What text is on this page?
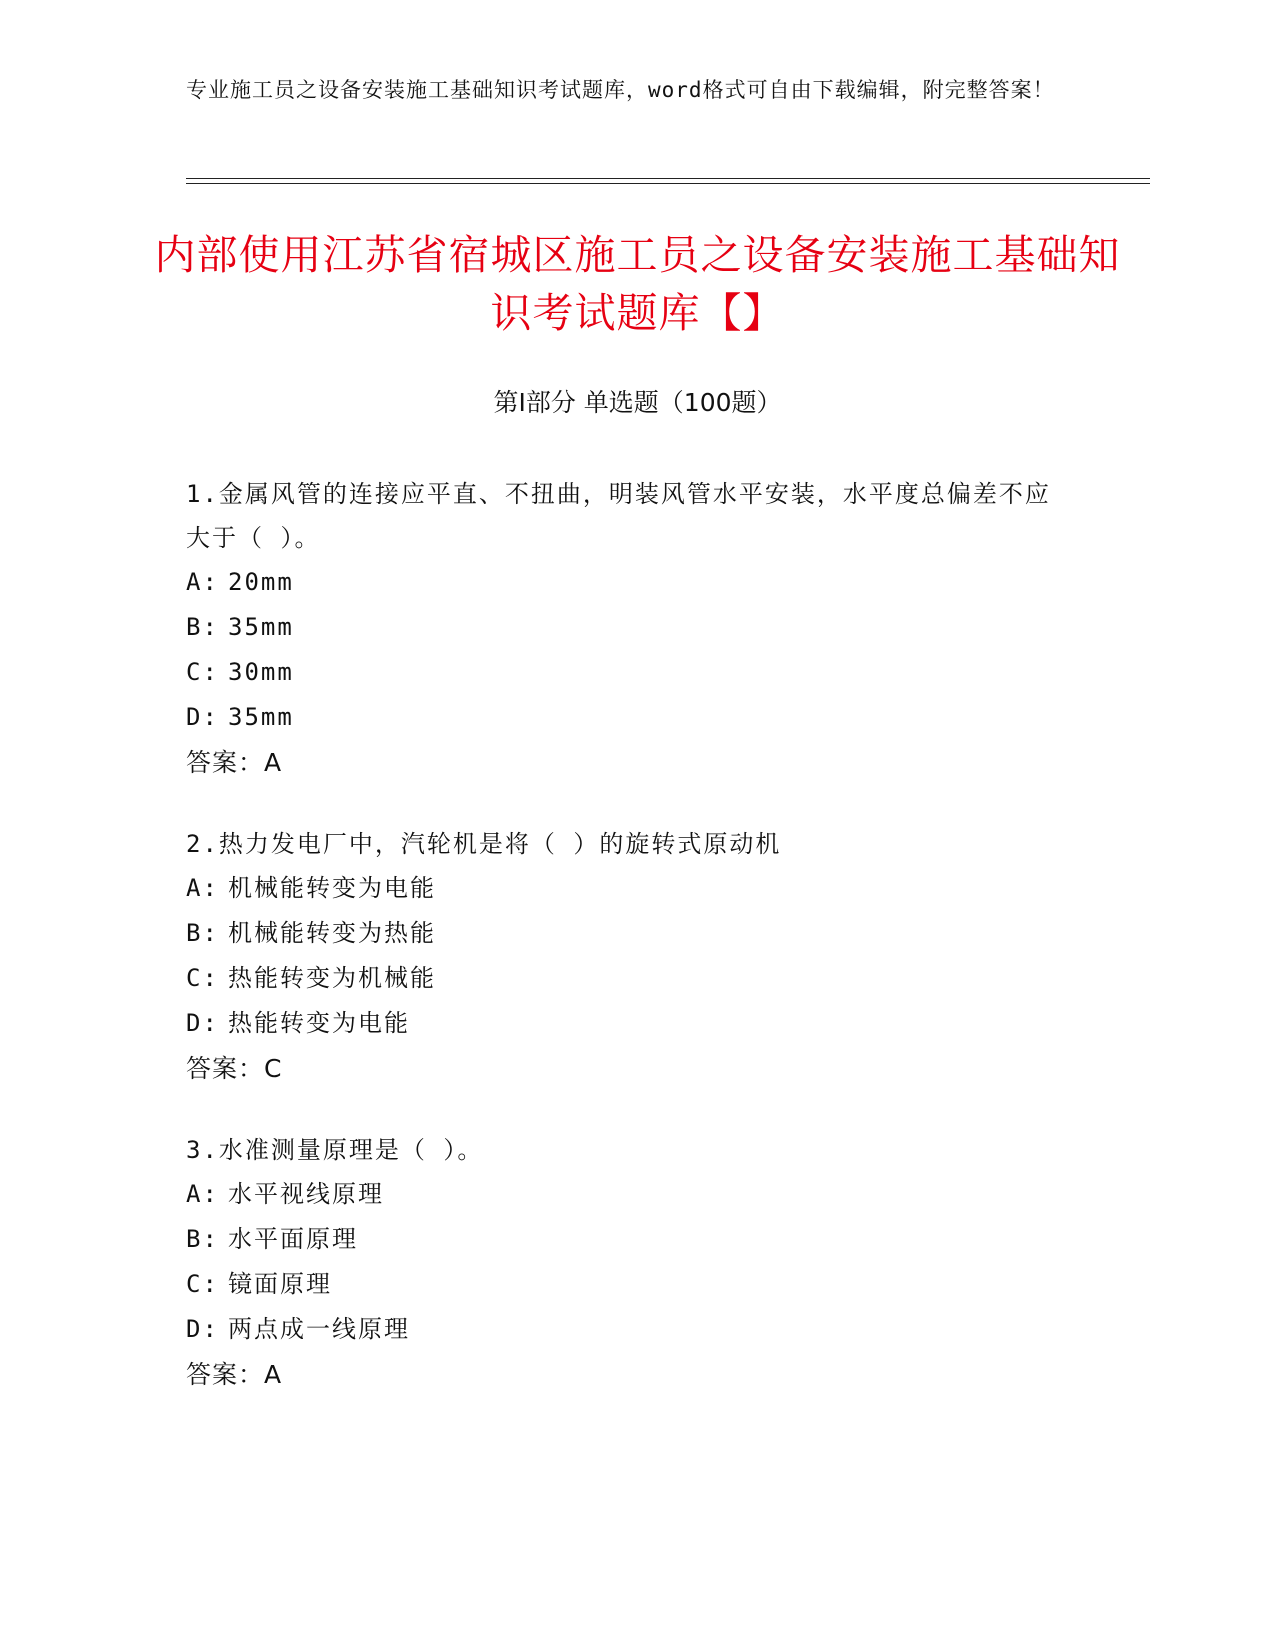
专业施工员之设备安装施工基础知识考试题库，word格式可自由下载编辑，附完整答案！
内部使用江苏省宿城区施工员之设备安装施工基础知识考试题库【】
第Ⅰ部分 单选题（100题）
1.金属风管的连接应平直、不扭曲，明装风管水平安装，水平度总偏差不应大于（ ）。
A: 20mm
B: 35mm
C: 30mm
D: 35mm
答案：A
2.热力发电厂中，汽轮机是将（ ）的旋转式原动机
A: 机械能转变为电能
B: 机械能转变为热能
C: 热能转变为机械能
D: 热能转变为电能
答案：C
3.水准测量原理是（ ）。
A: 水平视线原理
B: 水平面原理
C: 镜面原理
D: 两点成一线原理
答案：A
